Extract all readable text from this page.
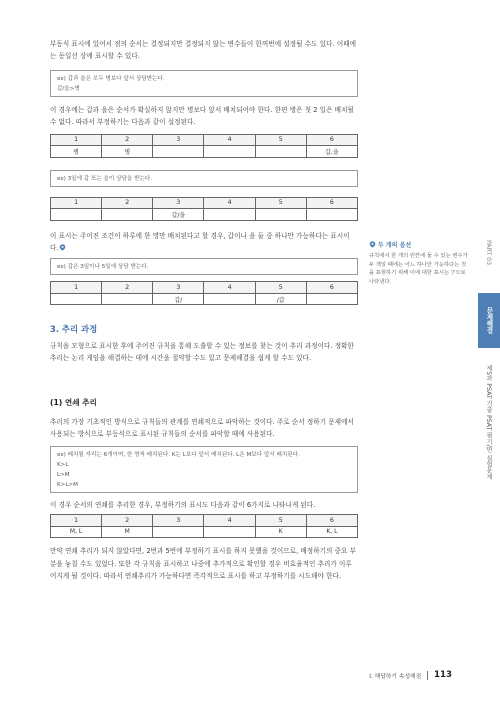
부동식 표시에 있어서 점의 순서는 결정되지만 결정되지 않는 변수들이 한꺼번에 설정될 수도 있다. 이때에는 동일선 상에 표시할 수 있다.

ex) 갑과 을은 모두 병보다 앞서 상담받는다.
갑/을>병

이 경우에는 갑과 을은 순서가 확실하지 않지만 병보다 앞서 배치되어야 한다. 한편 병은 첫 2 일은 배치될 수 없다. 따라서 부정하기는 다음과 같이 설정된다.

1	2	3	4	5	6
병	병				갑,을
ex) 3일에 갑 또는 을이 상담을 받는다.
1	2	3	4	5	6
		갑/을			

이 표시는 주어진 조건이 하루에 한 명만 배치된다고 할 경우, 갑이나 을 둘 중 하나만 가능하다는 표시이다.

ex) 갑은 3일이나 5일에 상담 받는다.
1	2	3	4	5	6
		갑/		/갑	
3. 추리 과정

규칙을 모형으로 표시한 후에 주어진 규칙을 통해 도출할 수 있는 정보를 찾는 것이 추리 과정이다. 정확한 추리는 논리 게임을 해결하는 데에 시간을 절약할 수도 있고 문제해결을 쉽게 할 수도 있다.

(1) 연쇄 추리

추리의 가장 기초적인 방식으로 규칙들의 관계를 연쇄적으로 파악하는 것이다. 주로 순서 정하기 문제에서 사용되는 방식으로 부등식으로 표시된 규칙들의 순서를 파악할 때에 사용된다.

ex) 배치될 자리는 6개이며, 한 명씩 배치된다. K는 L보다 앞서 배치된다. L은 M보다 앞서 배치된다.
K>L
L>M
K>L>M

이 경우 순서의 연쇄를 추리한 경우, 부정하기의 표시도 다음과 같이 6가지로 나타나게 된다.

1	2	3	4	5	6
M, L	M			K	K, L

만약 연쇄 추리가 되지 않았다면, 2번과 5번에 부정하기 표시를 하지 못했을 것이므로, 배정하기의 중요 부분을 놓칠 수도 있었다. 또한 각 규칙을 표시하고 나중에 추가적으로 확인할 경우 비효율적인 추리가 이루어지게 될 것이다. 따라서 연쇄추리가 가능하다면 즉각적으로 표시를 하고 부정하기를 시도해야 한다.

두 개의 음선
규칙에서 한 개의 빈칸에 둘 수 있는 변수가 두 개일 때에는 어느 하나만 가능하다는 것을 표현하기 위해 이에 대한 표시는 '/'으로 나타낸다.
PART 03
문제해결
제5과 PSAT 기출 PSAT 필기/면 실험문제
Ⅰ. 해답하기 속성해점 113
